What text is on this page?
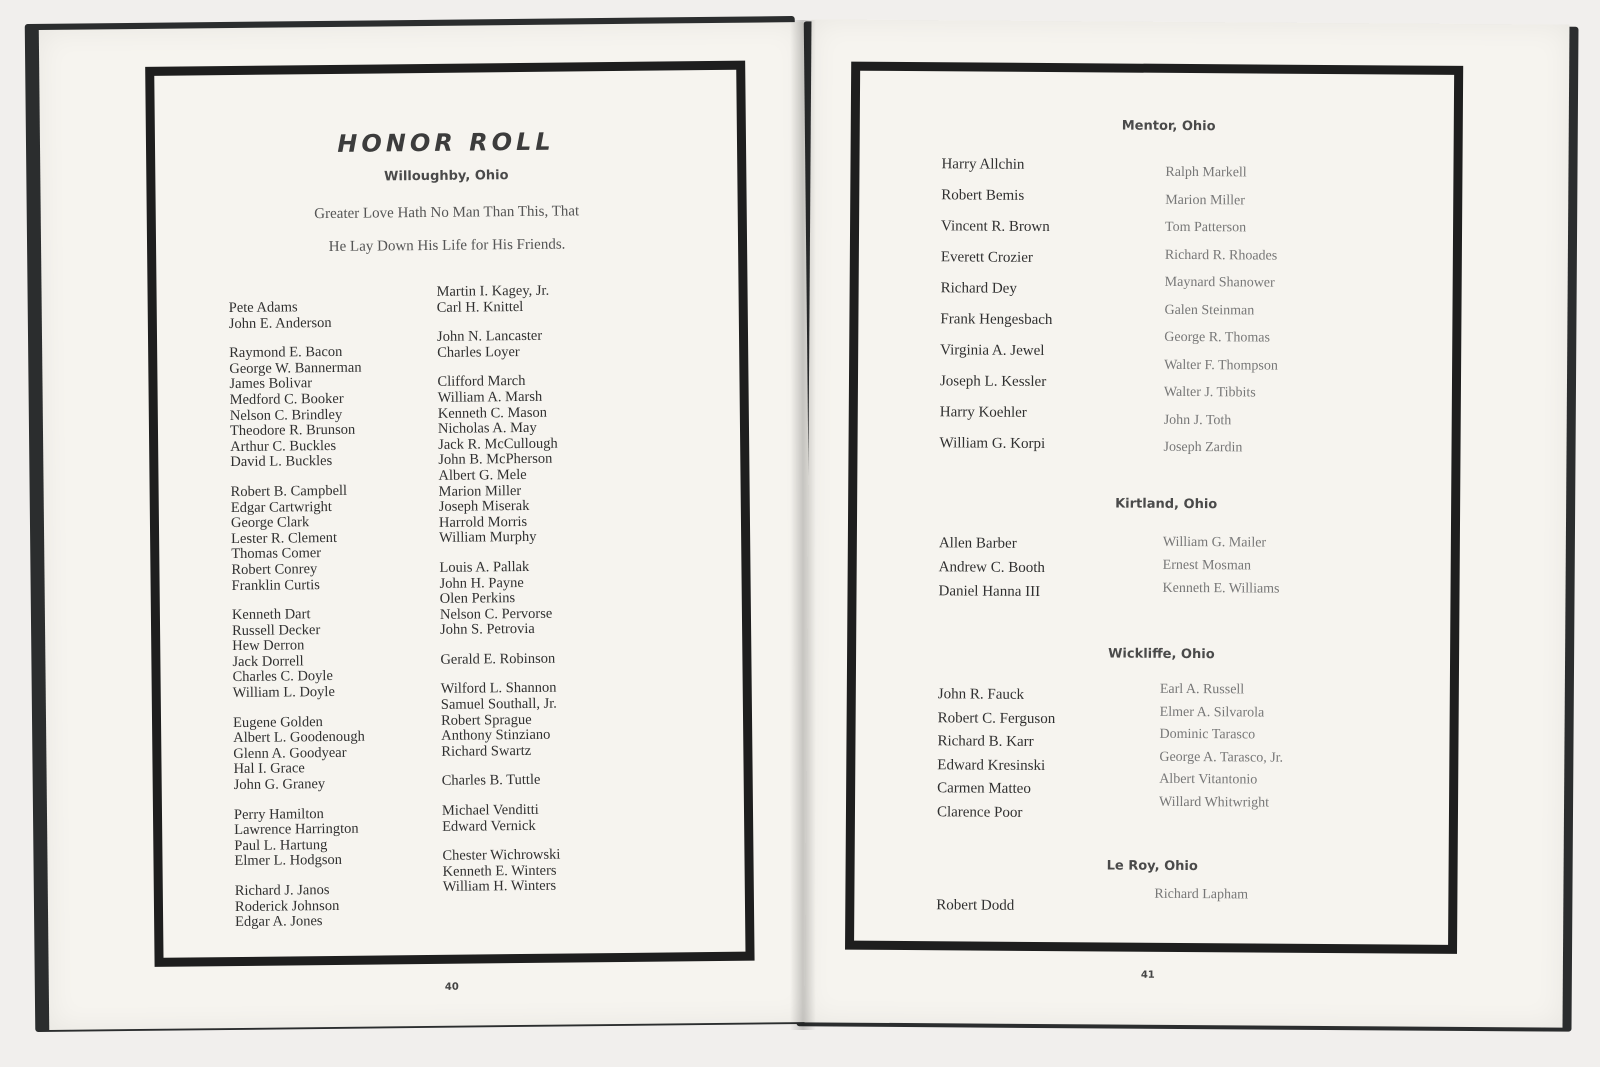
HONOR ROLL
Willoughby, Ohio
Greater Love Hath No Man Than This, That
He Lay Down His Life for His Friends.
Pete Adams
John E. Anderson
Raymond E. Bacon
George W. Bannerman
James Bolivar
Medford C. Booker
Nelson C. Brindley
Theodore R. Brunson
Arthur C. Buckles
David L. Buckles
Robert B. Campbell
Edgar Cartwright
George Clark
Lester R. Clement
Thomas Comer
Robert Conrey
Franklin Curtis
Kenneth Dart
Russell Decker
Hew Derron
Jack Dorrell
Charles C. Doyle
William L. Doyle
Eugene Golden
Albert L. Goodenough
Glenn A. Goodyear
Hal I. Grace
John G. Graney
Perry Hamilton
Lawrence Harrington
Paul L. Hartung
Elmer L. Hodgson
Richard J. Janos
Roderick Johnson
Edgar A. Jones
Martin I. Kagey, Jr.
Carl H. Knittel
John N. Lancaster
Charles Loyer
Clifford March
William A. Marsh
Kenneth C. Mason
Nicholas A. May
Jack R. McCullough
John B. McPherson
Albert G. Mele
Marion Miller
Joseph Miserak
Harrold Morris
William Murphy
Louis A. Pallak
John H. Payne
Olen Perkins
Nelson C. Pervorse
John S. Petrovia
Gerald E. Robinson
Wilford L. Shannon
Samuel Southall, Jr.
Robert Sprague
Anthony Stinziano
Richard Swartz
Charles B. Tuttle
Michael Venditti
Edward Vernick
Chester Wichrowski
Kenneth E. Winters
William H. Winters
40
Mentor, Ohio
Harry Allchin
Robert Bemis
Vincent R. Brown
Everett Crozier
Richard Dey
Frank Hengesbach
Virginia A. Jewel
Joseph L. Kessler
Harry Koehler
William G. Korpi
Ralph Markell
Marion Miller
Tom Patterson
Richard R. Rhoades
Maynard Shanower
Galen Steinman
George R. Thomas
Walter F. Thompson
Walter J. Tibbits
John J. Toth
Joseph Zardin
Kirtland, Ohio
Allen Barber
Andrew C. Booth
Daniel Hanna III
William G. Mailer
Ernest Mosman
Kenneth E. Williams
Wickliffe, Ohio
John R. Fauck
Robert C. Ferguson
Richard B. Karr
Edward Kresinski
Carmen Matteo
Clarence Poor
Earl A. Russell
Elmer A. Silvarola
Dominic Tarasco
George A. Tarasco, Jr.
Albert Vitantonio
Willard Whitwright
Le Roy, Ohio
Robert Dodd
Richard Lapham
41
